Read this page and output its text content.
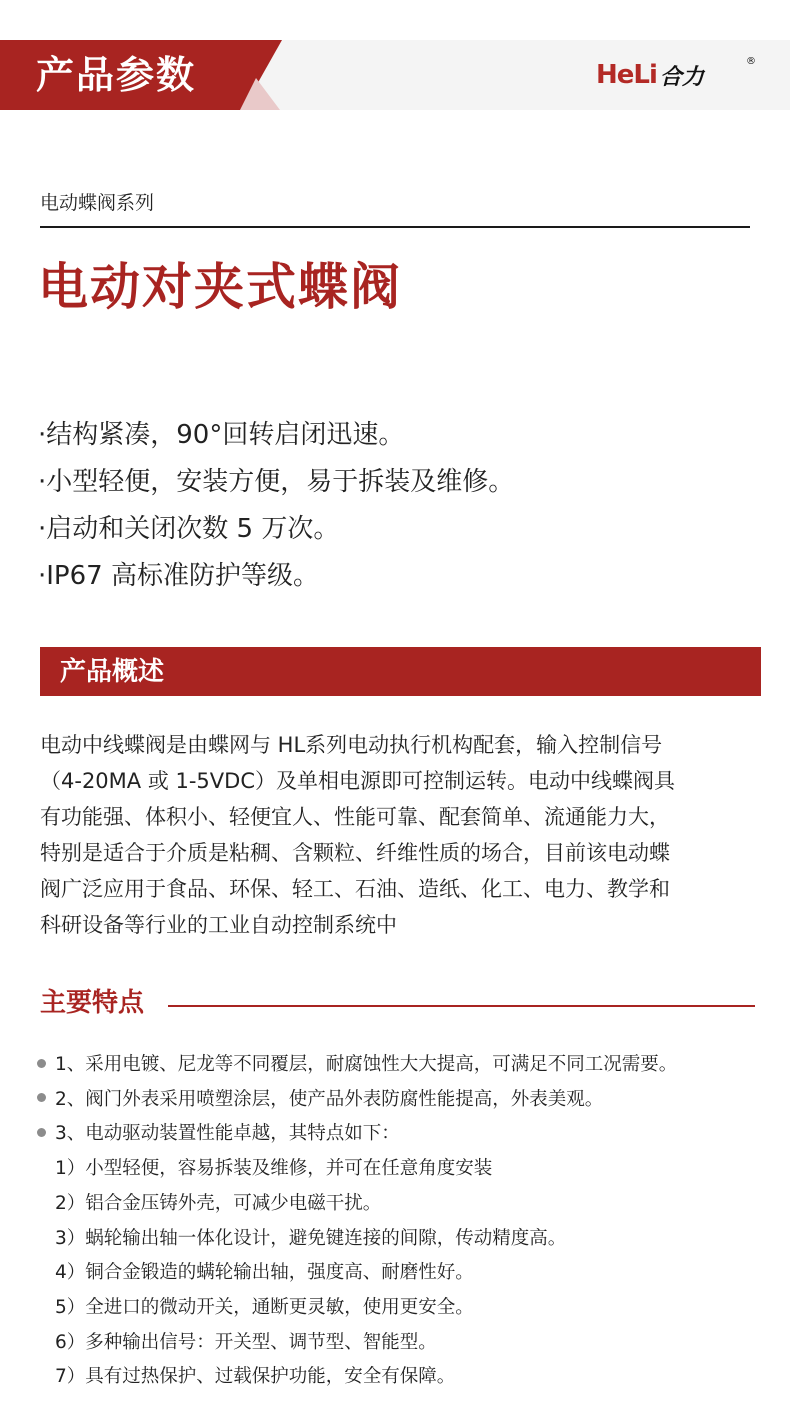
产品参数	HeLi 合力
®

电动蝶阀系列

电动对夹式蝶阀
·结构紧凑，90°回转启闭迅速。
·小型轻便，安装方便，易于拆装及维修。
·启动和关闭次数 5 万次。
·IP67 高标准防护等级。
产品概述

电动中线蝶阀是由蝶网与 HL系列电动执行机构配套，输入控制信号
（4-20MA 或 1-5VDC）及单相电源即可控制运转。电动中线蝶阀具
有功能强、体积小、轻便宜人、性能可靠、配套简单、流通能力大，
特别是适合于介质是粘稠、含颗粒、纤维性质的场合，目前该电动蝶
阀广泛应用于食品、环保、轻工、石油、造纸、化工、电力、教学和
科研设备等行业的工业自动控制系统中

主要特点
1、采用电镀、尼龙等不同覆层，耐腐蚀性大大提高，可满足不同工况需要。
2、阀门外表采用喷塑涂层，使产品外表防腐性能提高，外表美观。
3、电动驱动装置性能卓越，其特点如下：
1）小型轻便，容易拆装及维修，并可在任意角度安装
2）铝合金压铸外壳，可减少电磁干扰。
3）蜗轮输出轴一体化设计，避免键连接的间隙，传动精度高。
4）铜合金锻造的螨轮输出轴，强度高、耐磨性好。
5）全进口的微动开关，通断更灵敏，使用更安全。
6）多种输出信号：开关型、调节型、智能型。
7）具有过热保护、过载保护功能，安全有保障。
